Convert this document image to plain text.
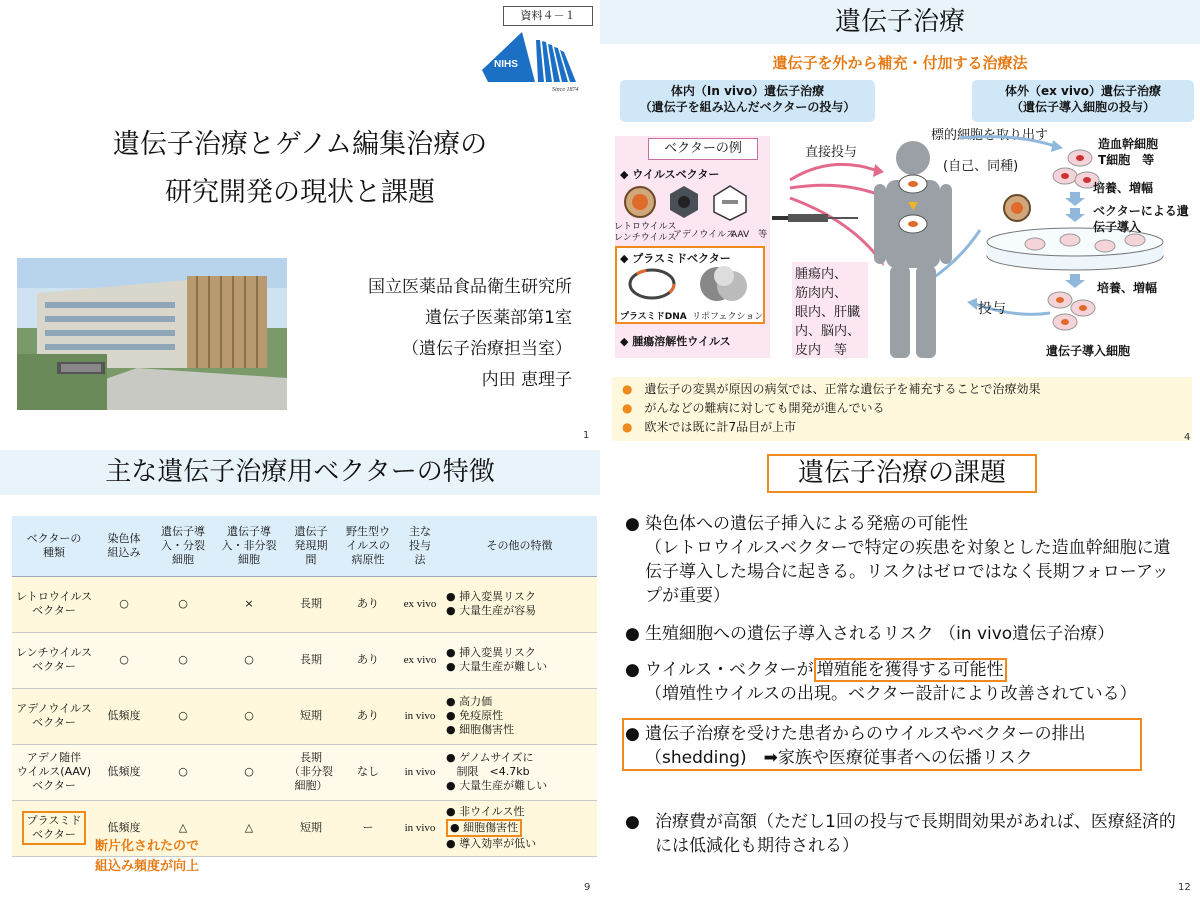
資料４－１
NIHS
Since 1874
遺伝子治療とゲノム編集治療の
研究開発の現状と課題
国立医薬品食品衛生研究所
遺伝子医薬部第1室
（遺伝子治療担当室）
内田 恵理子
1
遺伝子治療
遺伝子を外から補充・付加する治療法
体内（In vivo）遺伝子治療
（遺伝子を組み込んだベクターの投与）
体外（ex vivo）遺伝子治療
（遺伝子導入細胞の投与）
ベクターの例
◆ ウイルスベクター
レトロウイルス
レンチウイルス
アデノウイルス
AAV　等
◆ プラスミドベクター
プラスミドDNA リポフェクション
◆ 腫瘍溶解性ウイルス
直接投与
腫瘍内、
筋肉内、
眼内、肝臓
内、脳内、
皮内　等
標的細胞を取り出す
(自己、同種)
造血幹細胞
T細胞　等
培養、増幅
ベクターによる遺
伝子導入
培養、増幅
投与
遺伝子導入細胞
● 遺伝子の変異が原因の病気では、正常な遺伝子を補充することで治療効果
● がんなどの難病に対しても開発が進んでいる
● 欧米では既に計7品目が上市
4
主な遺伝子治療用ベクターの特徴
ベクターの
種類	染色体
組込み	遺伝子導
入・分裂
細胞	遺伝子導
入・非分裂
細胞	遺伝子
発現期
間	野生型ウ
イルスの
病原性	主な
投与
法	その他の特徴

レトロウイルス
ベクター	○	○	×	長期	あり	ex vivo	● 挿入変異リスク
● 大量生産が容易

レンチウイルス
ベクター	○	○	○	長期	あり	ex vivo	● 挿入変異リスク
● 大量生産が難しい

アデノウイルス
ベクター	低頻度	○	○	短期	あり	in vivo	● 高力価
● 免疫原性
● 細胞傷害性

アデノ随伴
ウイルス(AAV)
ベクター	低頻度	○	○	長期
（非分裂
細胞）	なし	in vivo	● ゲノムサイズに
制限　<4.7kb
● 大量生産が難しい

プラスミド
ベクター	低頻度	△	△	短期	ー	in vivo	● 非ウイルス性
● 細胞傷害性
● 導入効率が低い
断片化されたので
組込み頻度が向上
9
遺伝子治療の課題
● 染色体への遺伝子挿入による発癌の可能性
（レトロウイルスベクターで特定の疾患を対象とした造血幹細胞に遺伝子導入した場合に起きる。リスクはゼロではなく長期フォローアップが重要）
● 生殖細胞への遺伝子導入されるリスク （in vivo遺伝子治療）
● ウイルス・ベクターが 増殖能を獲得する可能性
（増殖性ウイルスの出現。ベクター設計により改善されている）
● 遺伝子治療を受けた患者からのウイルスやベクターの排出
（shedding)　➡家族や医療従事者への伝播リスク
● 治療費が高額（ただし1回の投与で長期間効果があれば、医療経済的には低減化も期待される）
12
